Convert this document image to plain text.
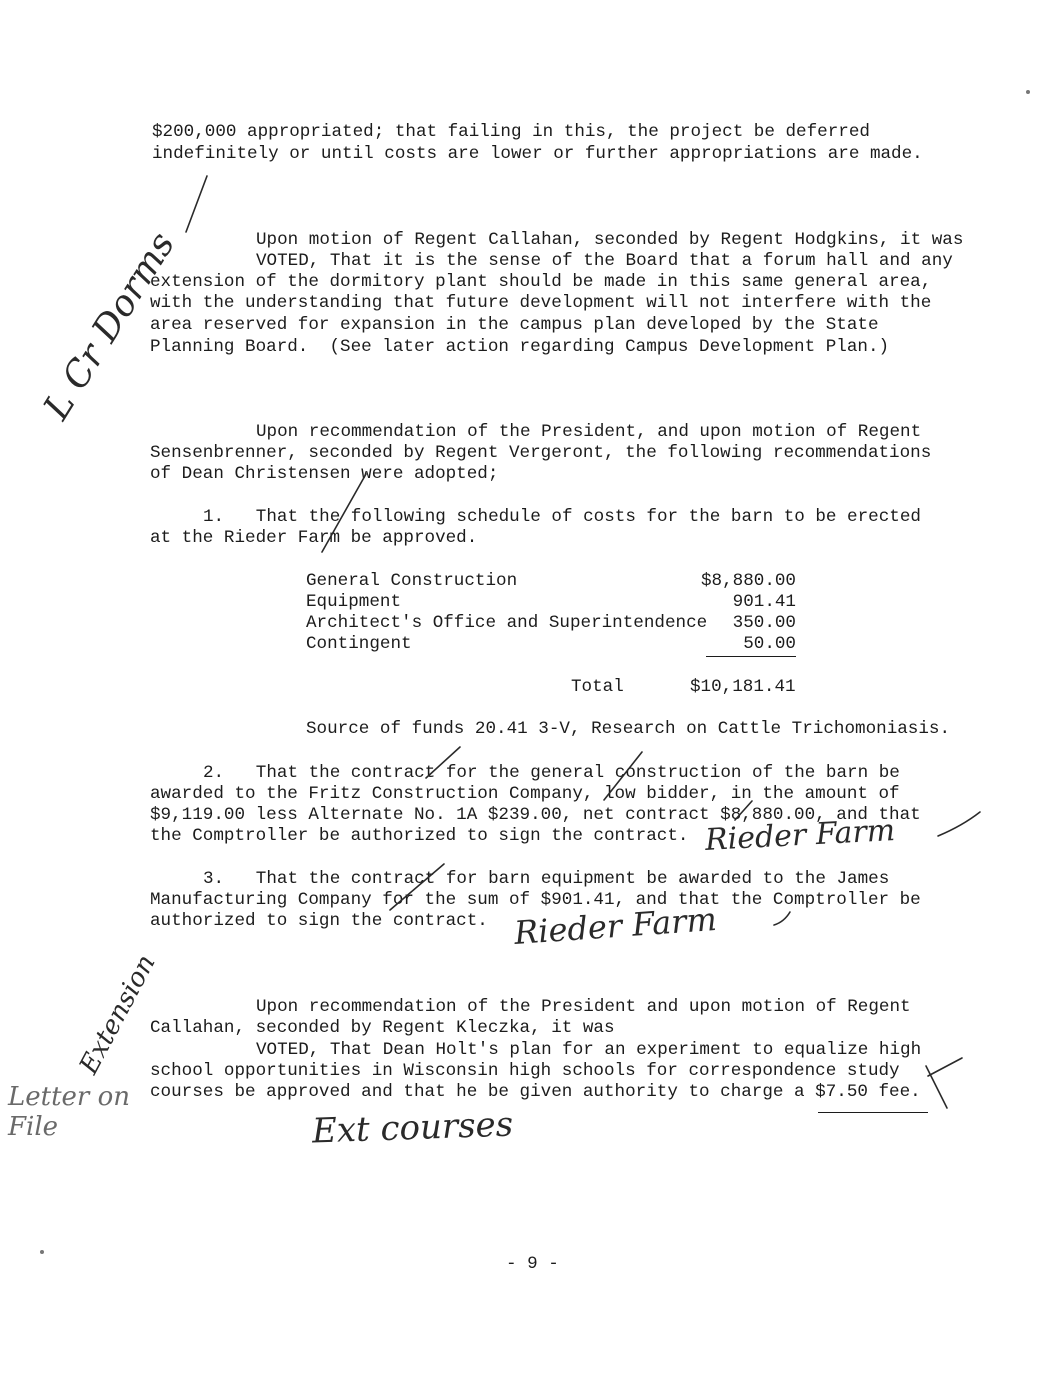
$200,000 appropriated; that failing in this, the project be deferred
indefinitely or until costs are lower or further appropriations are made.
Upon motion of Regent Callahan, seconded by Regent Hodgkins, it was
VOTED, That it is the sense of the Board that a forum hall and any
extension of the dormitory plant should be made in this same general area,
with the understanding that future development will not interfere with the
area reserved for expansion in the campus plan developed by the State
Planning Board.  (See later action regarding Campus Development Plan.)
Upon recommendation of the President, and upon motion of Regent
Sensenbrenner, seconded by Regent Vergeront, the following recommendations
of Dean Christensen were adopted;
1.   That the following schedule of costs for the barn to be erected
at the Rieder Farm be approved.
General Construction	$8,880.00
Equipment	901.41
Architect's Office and Superintendence 350.00
Contingent	50.00
Total	$10,181.41
Source of funds 20.41 3-V, Research on Cattle Trichomoniasis.
2.   That the contract for the general construction of the barn be
awarded to the Fritz Construction Company, low bidder, in the amount of
$9,119.00 less Alternate No. 1A $239.00, net contract $8,880.00, and that
the Comptroller be authorized to sign the contract.
3.   That the contract for barn equipment be awarded to the James
Manufacturing Company for the sum of $901.41, and that the Comptroller be
authorized to sign the contract.
Upon recommendation of the President and upon motion of Regent
Callahan, seconded by Regent Kleczka, it was
VOTED, That Dean Holt's plan for an experiment to equalize high
school opportunities in Wisconsin high schools for correspondence study
courses be approved and that he be given authority to charge a $7.50 fee.
- 9 -
L Cr Dorms
Rieder Farm
Rieder Farm
Extension
Letter on File	Ext courses
